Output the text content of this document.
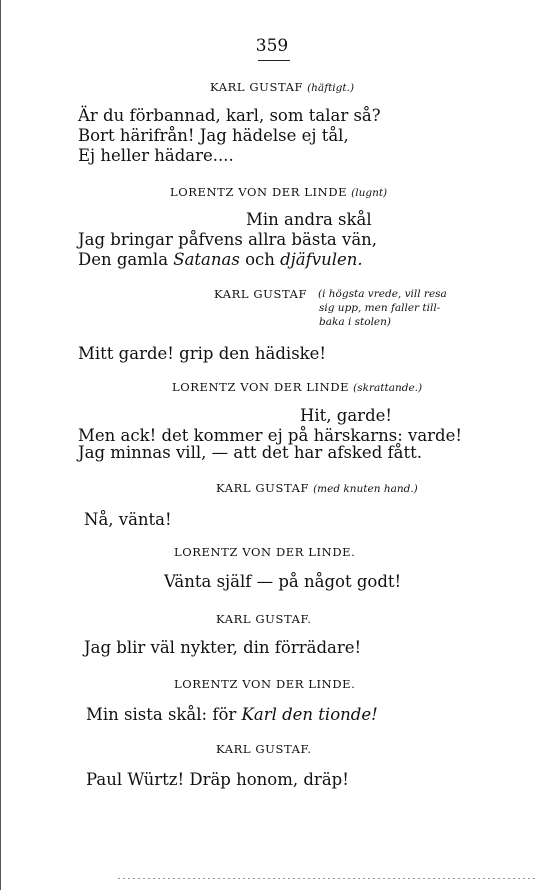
359
KARL GUSTAF (häftigt.)
Är du förbannad, karl, som talar så?
Bort härifrån! Jag hädelse ej tål,
Ej heller hädare....
LORENTZ VON DER LINDE (lugnt)
Min andra skål
Jag bringar påfvens allra bästa vän,
Den gamla Satanas och djäfvulen.
KARL GUSTAF (i högsta vrede, vill resa
sig upp, men faller till-
baka i stolen)
Mitt garde! grip den hädiske!
LORENTZ VON DER LINDE (skrattande.)
Hit, garde!
Men ack! det kommer ej på härskarns: varde!
Jag minnas vill, — att det har afsked fått.
KARL GUSTAF (med knuten hand.)
Nå, vänta!
LORENTZ VON DER LINDE.
Vänta själf — på något godt!
KARL GUSTAF.
Jag blir väl nykter, din förrädare!
LORENTZ VON DER LINDE.
Min sista skål: för Karl den tionde!
KARL GUSTAF.
Paul Würtz! Dräp honom, dräp!
